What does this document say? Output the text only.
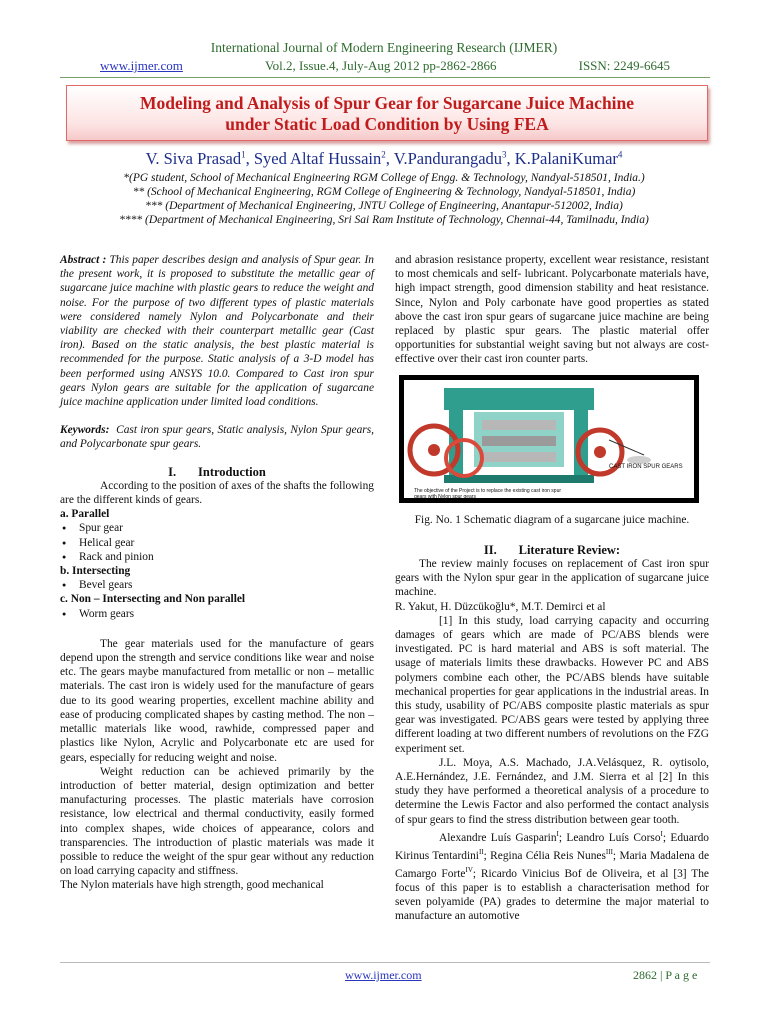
International Journal of Modern Engineering Research (IJMER)
www.ijmer.com	Vol.2, Issue.4, July-Aug 2012 pp-2862-2866	ISSN: 2249-6645
Modeling and Analysis of Spur Gear for Sugarcane Juice Machine
under Static Load Condition by Using FEA
V. Siva Prasad$^1$, Syed Altaf Hussain$^2$, V.Pandurangadu$^3$, K.PalaniKumar$^4$
*(PG student, School of Mechanical Engineering RGM College of Engg. & Technology, Nandyal-518501, India.)
** (School of Mechanical Engineering, RGM College of Engineering & Technology, Nandyal-518501, India)
*** (Department of Mechanical Engineering, JNTU College of Engineering, Anantapur-512002, India)
**** (Department of Mechanical Engineering, Sri Sai Ram Institute of Technology, Chennai-44, Tamilnadu, India)

Abstract : This paper describes design and analysis of Spur gear. In the present work, it is proposed to substitute the metallic gear of sugarcane juice machine with plastic gears to reduce the weight and noise. For the purpose of two different types of plastic materials were considered namely Nylon and Polycarbonate and their viability are checked with their counterpart metallic gear (Cast iron). Based on the static analysis, the best plastic material is recommended for the purpose. Static analysis of a 3-D model has been performed using ANSYS 10.0. Compared to Cast iron spur gears Nylon gears are suitable for the application of sugarcane juice machine application under limited load conditions.

Keywords: Cast iron spur gears, Static analysis, Nylon Spur gears, and Polycarbonate spur gears.

I.       Introduction

According to the position of axes of the shafts the following are the different kinds of gears.

a. Parallel
● Spur gear
● Helical gear
● Rack and pinion
b. Intersecting
● Bevel gears
c. Non – Intersecting and Non parallel
● Worm gears

The gear materials used for the manufacture of gears depend upon the strength and service conditions like wear and noise etc. The gears maybe manufactured from metallic or non – metallic materials. The cast iron is widely used for the manufacture of gears due to its good wearing properties, excellent machine ability and ease of producing complicated shapes by casting method. The non – metallic materials like wood, rawhide, compressed paper and plastics like Nylon, Acrylic and Polycarbonate etc are used for gears, especially for reducing weight and noise.

Weight reduction can be achieved primarily by the introduction of better material, design optimization and better manufacturing processes. The plastic materials have corrosion resistance, low electrical and thermal conductivity, easily formed into complex shapes, wide choices of appearance, colors and transparencies. The introduction of plastic materials was made it possible to reduce the weight of the spur gear without any reduction on load carrying capacity and stiffness.

The Nylon materials have high strength, good mechanical

and abrasion resistance property, excellent wear resistance, resistant to most chemicals and self- lubricant. Polycarbonate materials have, high impact strength, good dimension stability and heat resistance. Since, Nylon and Poly carbonate have good properties as stated above the cast iron spur gears of sugarcane juice machine are being replaced by plastic spur gears. The plastic material offer opportunities for substantial weight saving but not always are cost-effective over their cast iron counter parts.

CAST IRON SPUR GEARS
The objective of the Project is to replace the existing cast iron spur gears with Nylon spur gears

Fig. No. 1 Schematic diagram of a sugarcane juice machine.

II.       Literature Review:

The review mainly focuses on replacement of Cast iron spur gears with the Nylon spur gear in the application of sugarcane juice machine.

R. Yakut, H. Düzcükoğlu*, M.T. Demirci et al

[1] In this study, load carrying capacity and occurring damages of gears which are made of PC/ABS blends were investigated. PC is hard material and ABS is soft material. The usage of materials limits these drawbacks. However PC and ABS polymers combine each other, the PC/ABS blends have suitable mechanical properties for gear applications in the industrial areas. In this study, usability of PC/ABS composite plastic materials as spur gear was investigated. PC/ABS gears were tested by applying three different loading at two different numbers of revolutions on the FZG experiment set.

J.L. Moya, A.S. Machado, J.A.Velásquez, R. oytisolo, A.E.Hernández, J.E. Fernández, and J.M. Sierra et al [2] In this study they have performed a theoretical analysis of a procedure to determine the Lewis Factor and also performed the contact analysis of spur gears to find the stress distribution between gear tooth.

Alexandre Luís Gasparin$^I$; Leandro Luís Corso$^I$; Eduardo Kirinus Tentardini$^{II}$; Regina Célia Reis Nunes$^{III}$; Maria Madalena de Camargo Forte$^{IV}$; Ricardo Vinicius Bof de Oliveira, et al [3] The focus of this paper is to establish a characterisation method for seven polyamide (PA) grades to determine the major material to manufacture an automotive

www.ijmer.com	2862 | P a g e
